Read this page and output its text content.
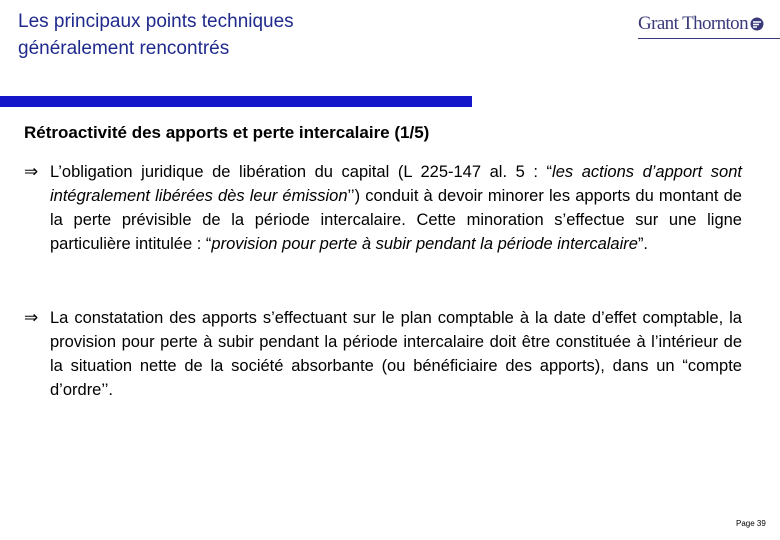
Les principaux points techniques
généralement rencontrés
Grant Thornton
Rétroactivité des apports et perte intercalaire (1/5)
⇒ L’obligation juridique de libération du capital (L 225-147 al. 5 : “les actions d’apport sont intégralement libérées dès leur émission’’) conduit à devoir minorer les apports du montant de la perte prévisible de la période intercalaire. Cette minoration s’effectue sur une ligne particulière intitulée : “provision pour perte à subir pendant la période intercalaire”.
⇒ La constatation des apports s’effectuant sur le plan comptable à la date d’effet comptable, la provision pour perte à subir pendant la période intercalaire doit être constituée à l’intérieur de la situation nette de la société absorbante (ou bénéficiaire des apports), dans un “compte d’ordre’’.
Page 39
